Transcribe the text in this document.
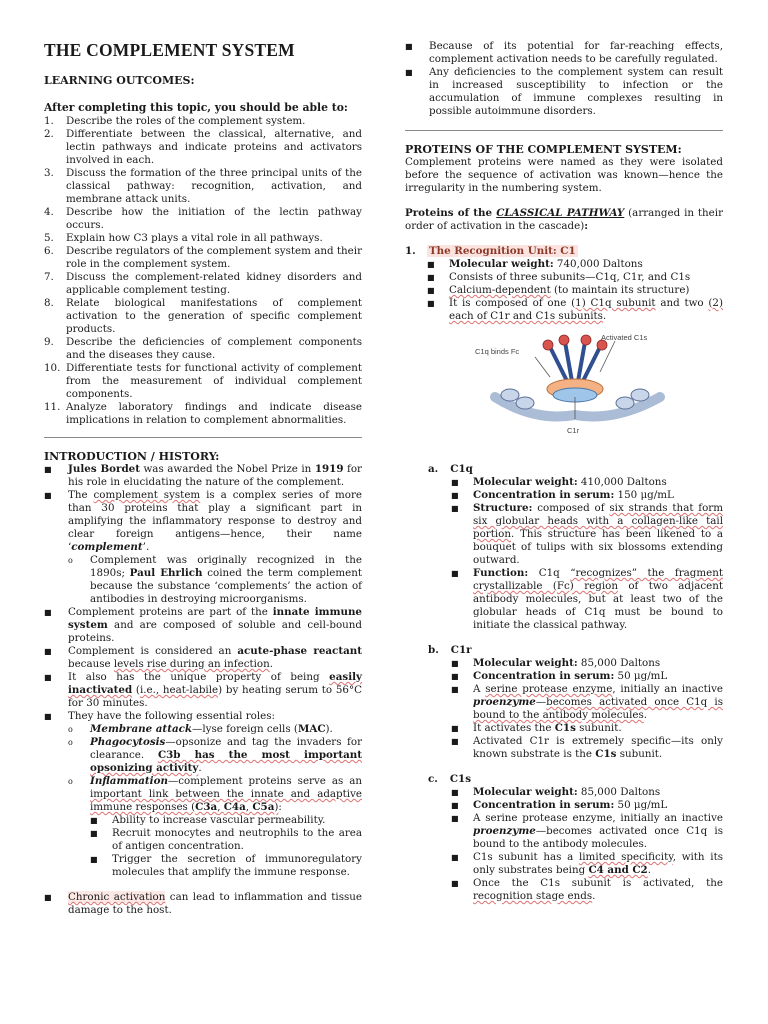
THE COMPLEMENT SYSTEM
LEARNING OUTCOMES:
After completing this topic, you should be able to:
1. Describe the roles of the complement system.
2. Differentiate between the classical, alternative, and lectin pathways and indicate proteins and activators involved in each.
3. Discuss the formation of the three principal units of the classical pathway: recognition, activation, and membrane attack units.
4. Describe how the initiation of the lectin pathway occurs.
5. Explain how C3 plays a vital role in all pathways.
6. Describe regulators of the complement system and their role in the complement system.
7. Discuss the complement-related kidney disorders and applicable complement testing.
8. Relate biological manifestations of complement activation to the generation of specific complement products.
9. Describe the deficiencies of complement components and the diseases they cause.
10. Differentiate tests for functional activity of complement from the measurement of individual complement components.
11. Analyze laboratory findings and indicate disease implications in relation to complement abnormalities.
INTRODUCTION / HISTORY:
■ Jules Bordet was awarded the Nobel Prize in 1919 for his role in elucidating the nature of the complement.
■ The complement system is a complex series of more than 30 proteins that play a significant part in amplifying the inflammatory response to destroy and clear foreign antigens—hence, their name ‘complement’.
o Complement was originally recognized in the 1890s; Paul Ehrlich coined the term complement because the substance ‘complements’ the action of antibodies in destroying microorganisms.
■ Complement proteins are part of the innate immune system and are composed of soluble and cell-bound proteins.
■ Complement is considered an acute-phase reactant because levels rise during an infection.
■ It also has the unique property of being easily inactivated (i.e., heat-labile) by heating serum to 56°C for 30 minutes.
■ They have the following essential roles:
o Membrane attack—lyse foreign cells (MAC).
o Phagocytosis—opsonize and tag the invaders for clearance. C3b has the most important opsonizing activity.
o Inflammation—complement proteins serve as an important link between the innate and adaptive immune responses (C3a, C4a, C5a):
■ Ability to increase vascular permeability.
■ Recruit monocytes and neutrophils to the area of antigen concentration.
■ Trigger the secretion of immunoregulatory molecules that amplify the immune response.
■ Chronic activation can lead to inflammation and tissue damage to the host.
■ Because of its potential for far-reaching effects, complement activation needs to be carefully regulated.
■ Any deficiencies to the complement system can result in increased susceptibility to infection or the accumulation of immune complexes resulting in possible autoimmune disorders.
PROTEINS OF THE COMPLEMENT SYSTEM:
Complement proteins were named as they were isolated before the sequence of activation was known—hence the irregularity in the numbering system.
Proteins of the CLASSICAL PATHWAY (arranged in their order of activation in the cascade):
1. The Recognition Unit: C1
■ Molecular weight: 740,000 Daltons
■ Consists of three subunits—C1q, C1r, and C1s
■ Calcium-dependent (to maintain its structure)
■ It is composed of one (1) C1q subunit and two (2) each of C1r and C1s subunits.
C1q binds Fc
Activated C1s
C1r
a. C1q
■ Molecular weight: 410,000 Daltons
■ Concentration in serum: 150 μg/mL
■ Structure: composed of six strands that form six globular heads with a collagen-like tail portion. This structure has been likened to a bouquet of tulips with six blossoms extending outward.
■ Function: C1q “recognizes” the fragment crystallizable (Fc) region of two adjacent antibody molecules, but at least two of the globular heads of C1q must be bound to initiate the classical pathway.
b. C1r
■ Molecular weight: 85,000 Daltons
■ Concentration in serum: 50 μg/mL
■ A serine protease enzyme, initially an inactive proenzyme—becomes activated once C1q is bound to the antibody molecules.
■ It activates the C1s subunit.
■ Activated C1r is extremely specific—its only known substrate is the C1s subunit.
c. C1s
■ Molecular weight: 85,000 Daltons
■ Concentration in serum: 50 μg/mL
■ A serine protease enzyme, initially an inactive proenzyme—becomes activated once C1q is bound to the antibody molecules.
■ C1s subunit has a limited specificity, with its only substrates being C4 and C2.
■ Once the C1s subunit is activated, the recognition stage ends.
